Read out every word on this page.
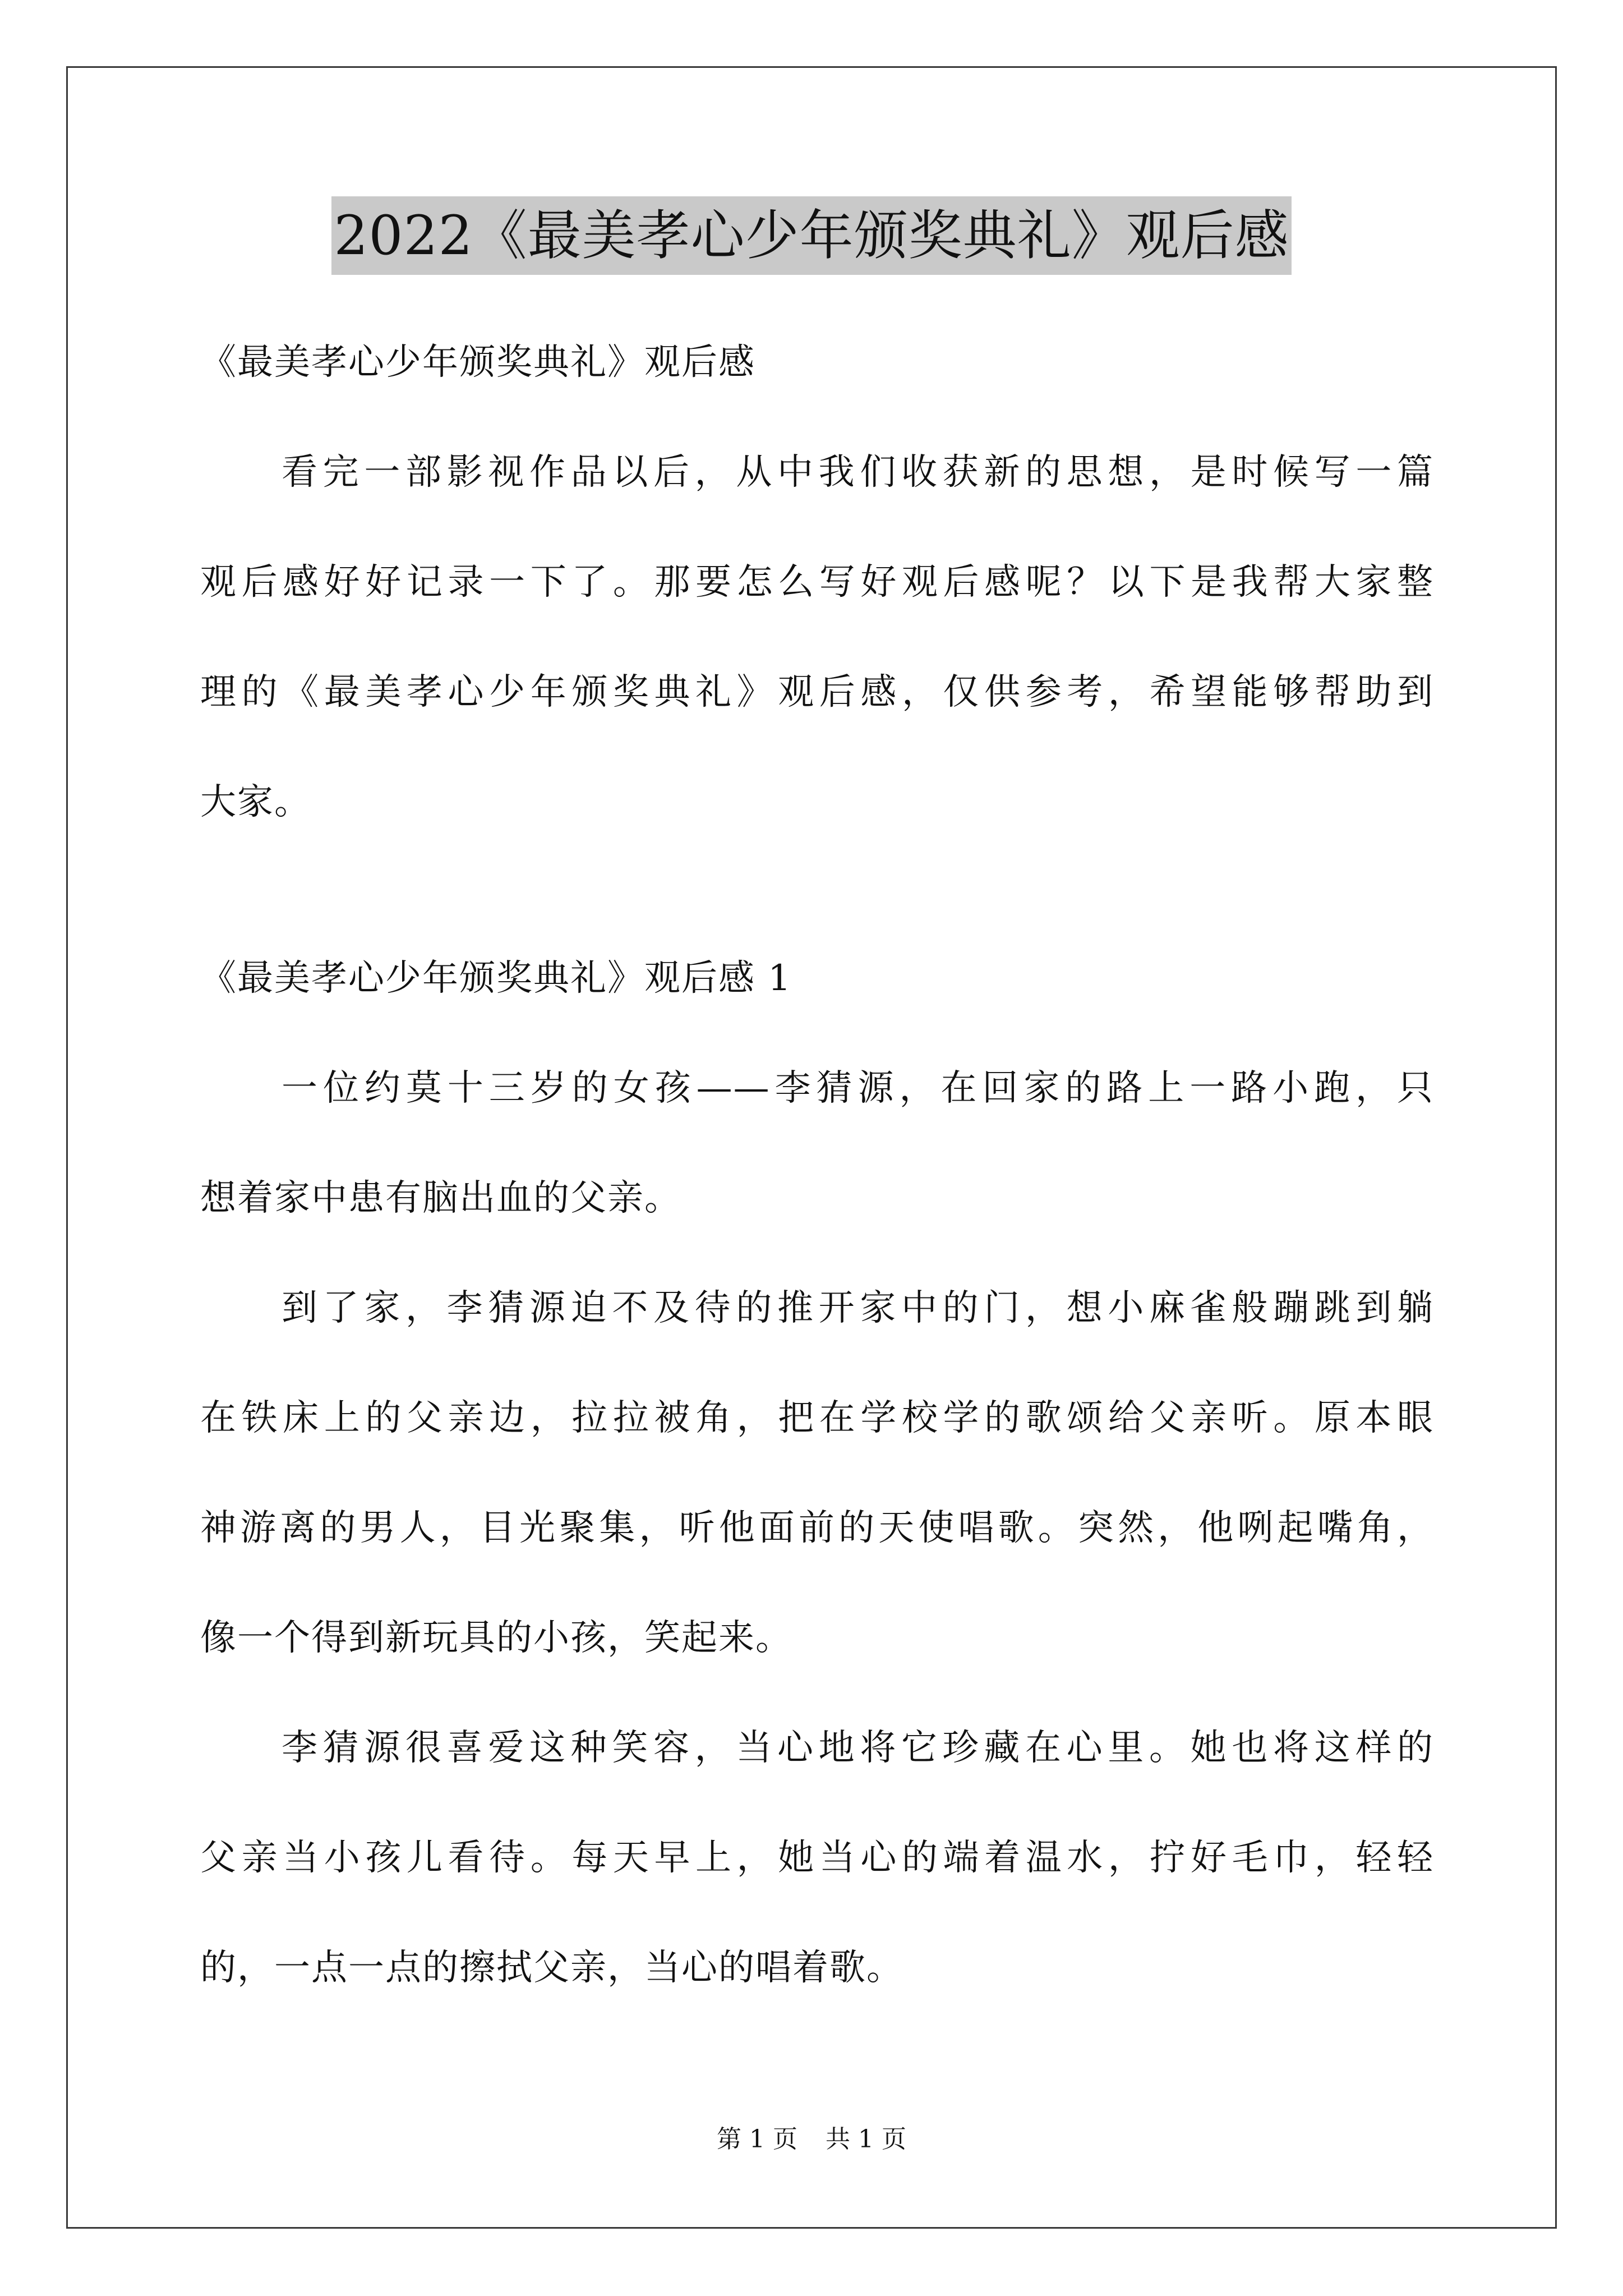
2022《最美孝心少年颁奖典礼》观后感
《最美孝心少年颁奖典礼》观后感
看完一部影视作品以后，从中我们收获新的思想，是时候写一篇
观后感好好记录一下了。那要怎么写好观后感呢？以下是我帮大家整
理的《最美孝心少年颁奖典礼》观后感，仅供参考，希望能够帮助到
大家。
《最美孝心少年颁奖典礼》观后感 1
一位约莫十三岁的女孩——李猜源，在回家的路上一路小跑，只
想着家中患有脑出血的父亲。
到了家，李猜源迫不及待的推开家中的门，想小麻雀般蹦跳到躺
在铁床上的父亲边，拉拉被角，把在学校学的歌颂给父亲听。原本眼
神游离的男人，目光聚集，听他面前的天使唱歌。突然，他咧起嘴角，
像一个得到新玩具的小孩，笑起来。
李猜源很喜爱这种笑容，当心地将它珍藏在心里。她也将这样的
父亲当小孩儿看待。每天早上，她当心的端着温水，拧好毛巾，轻轻
的，一点一点的擦拭父亲，当心的唱着歌。
第 1 页 共 1 页
